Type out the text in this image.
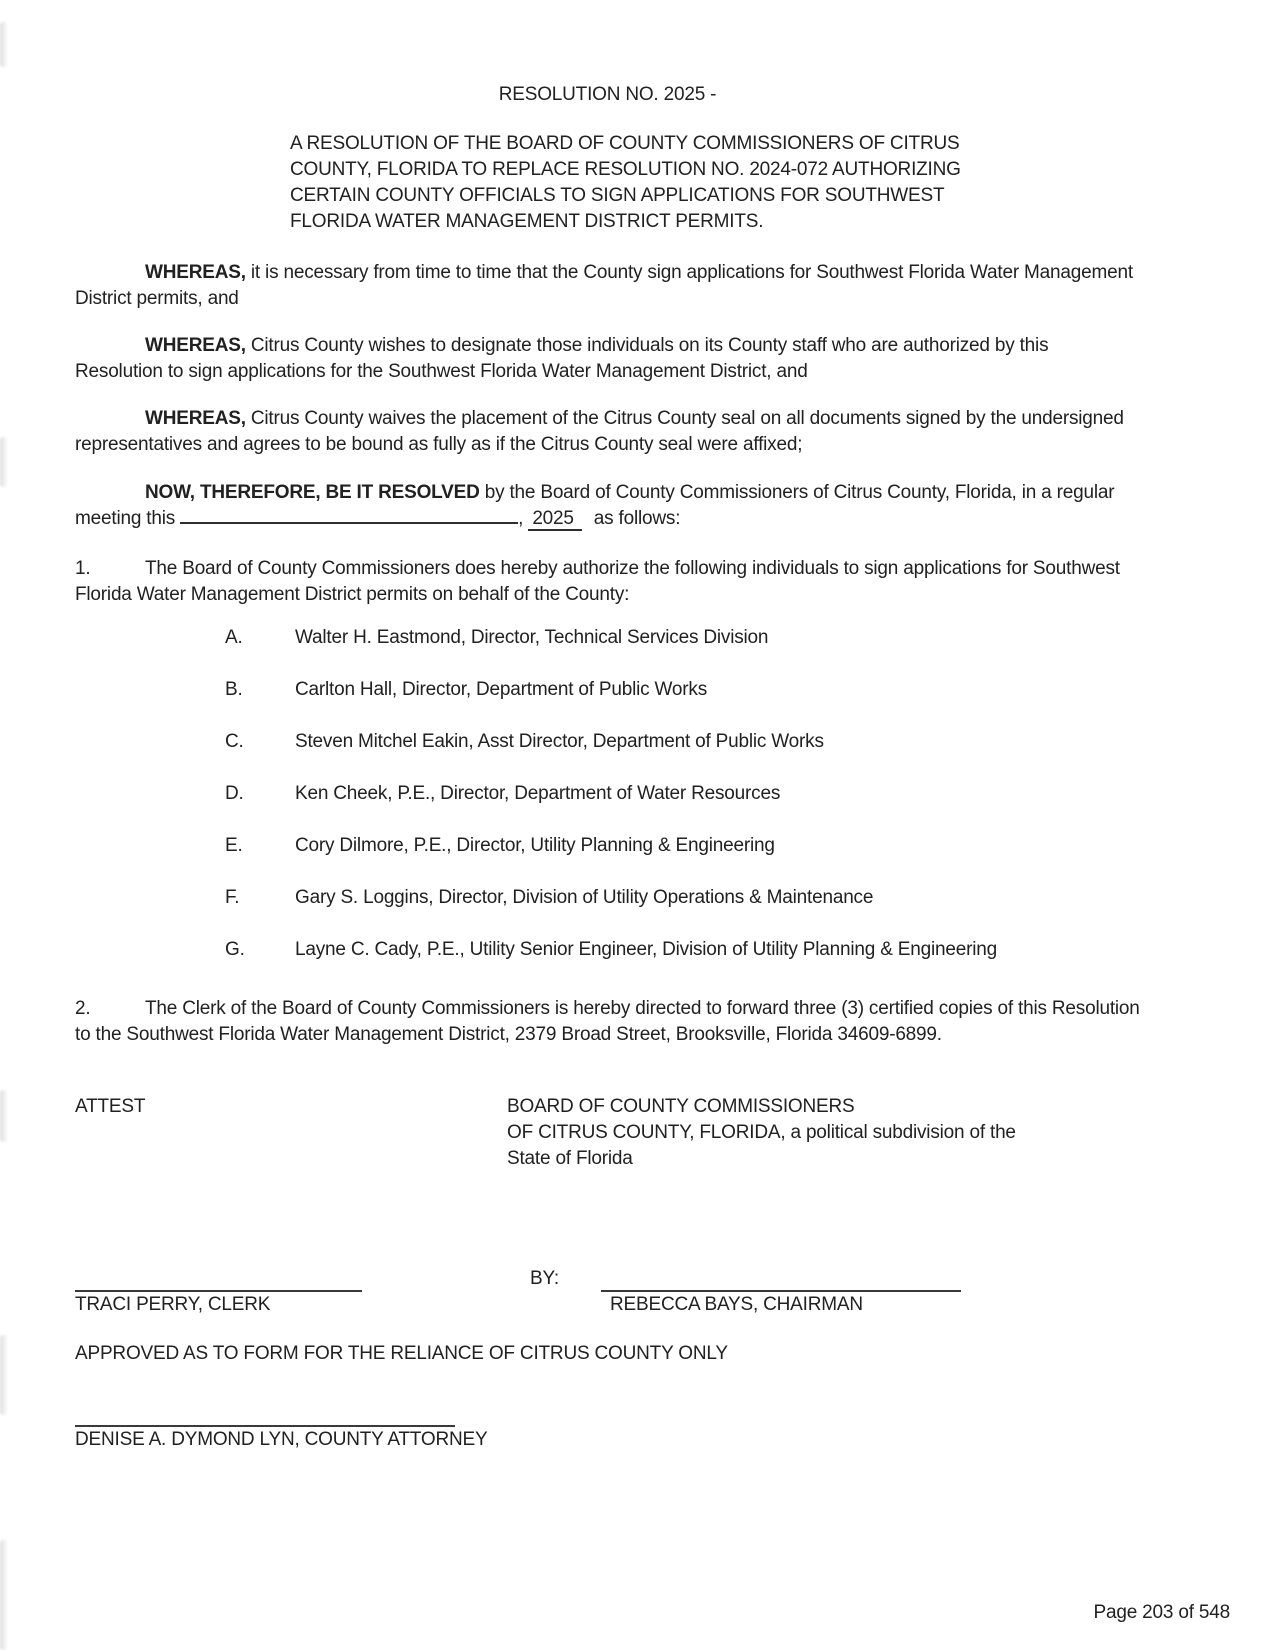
RESOLUTION NO. 2025 -
A RESOLUTION OF THE BOARD OF COUNTY COMMISSIONERS OF CITRUS COUNTY, FLORIDA TO REPLACE RESOLUTION NO. 2024-072 AUTHORIZING CERTAIN COUNTY OFFICIALS TO SIGN APPLICATIONS FOR SOUTHWEST FLORIDA WATER MANAGEMENT DISTRICT PERMITS.

WHEREAS, it is necessary from time to time that the County sign applications for Southwest Florida Water Management District permits, and

WHEREAS, Citrus County wishes to designate those individuals on its County staff who are authorized by this Resolution to sign applications for the Southwest Florida Water Management District, and

WHEREAS, Citrus County waives the placement of the Citrus County seal on all documents signed by the undersigned representatives and agrees to be bound as fully as if the Citrus County seal were affixed;

NOW, THEREFORE, BE IT RESOLVED by the Board of County Commissioners of Citrus County, Florida, in a regular meeting this	, 2025 as follows:

1.	The Board of County Commissioners does hereby authorize the following individuals to sign applications for Southwest Florida Water Management District permits on behalf of the County:

A.	Walter H. Eastmond, Director, Technical Services Division

B.	Carlton Hall, Director, Department of Public Works

C.	Steven Mitchel Eakin, Asst Director, Department of Public Works

D.	Ken Cheek, P.E., Director, Department of Water Resources

E.	Cory Dilmore, P.E., Director, Utility Planning & Engineering

F.	Gary S. Loggins, Director, Division of Utility Operations & Maintenance

G.	Layne C. Cady, P.E., Utility Senior Engineer, Division of Utility Planning & Engineering

2.	The Clerk of the Board of County Commissioners is hereby directed to forward three (3) certified copies of this Resolution to the Southwest Florida Water Management District, 2379 Broad Street, Brooksville, Florida 34609-6899.

ATTEST	BOARD OF COUNTY COMMISSIONERS
OF CITRUS COUNTY, FLORIDA, a political subdivision of the
State of Florida
TRACI PERRY, CLERK
BY:
REBECCA BAYS, CHAIRMAN

APPROVED AS TO FORM FOR THE RELIANCE OF CITRUS COUNTY ONLY

DENISE A. DYMOND LYN, COUNTY ATTORNEY
Page 203 of 548
